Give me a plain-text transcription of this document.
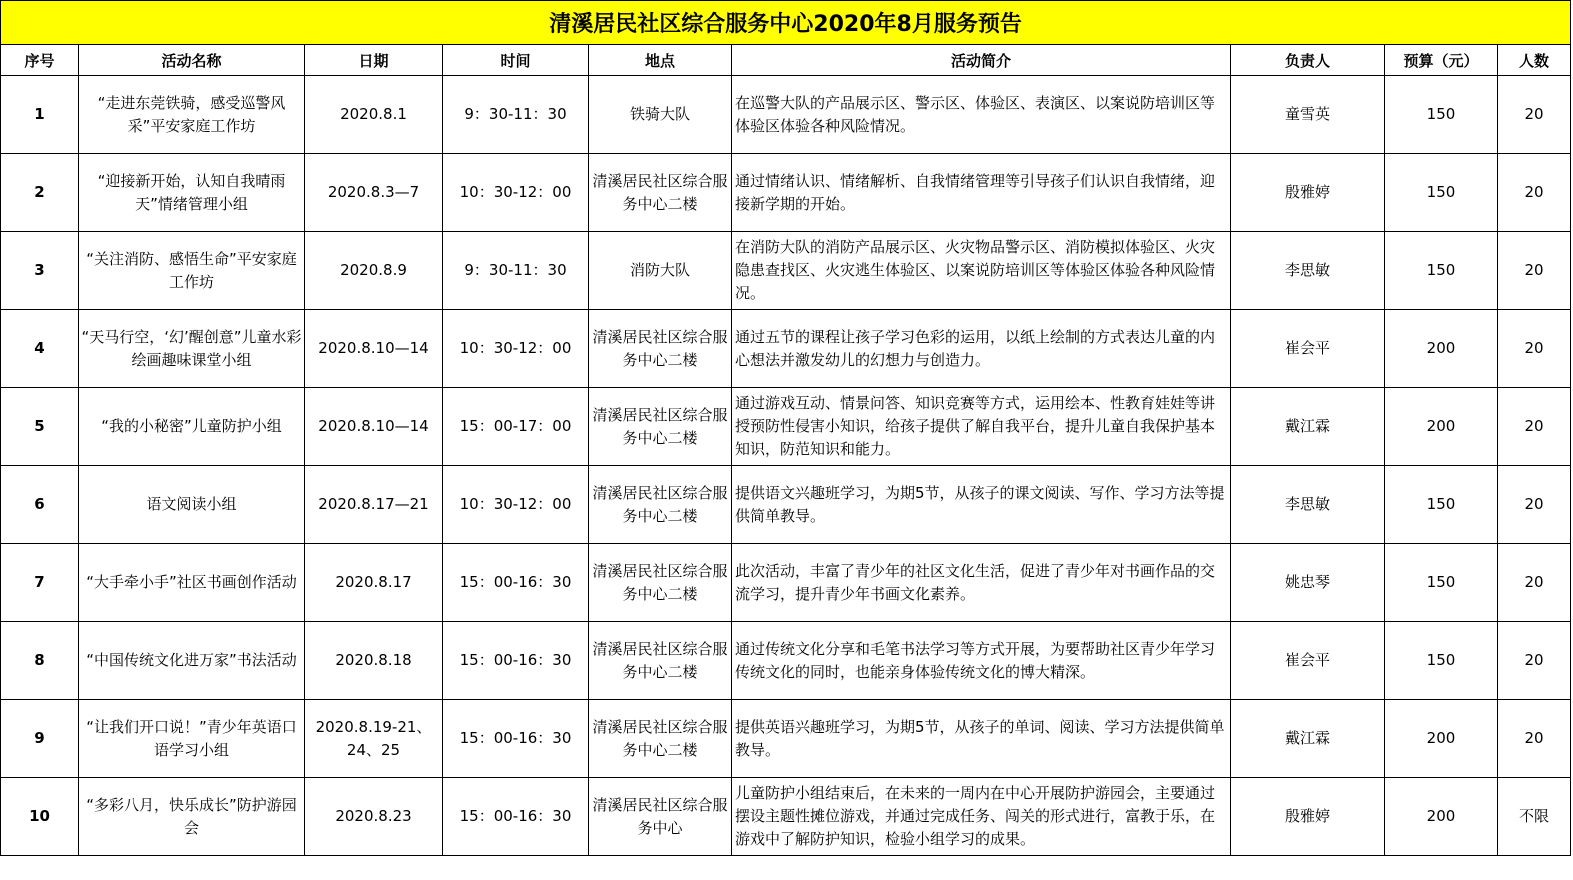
清溪居民社区综合服务中心2020年8月服务预告								
序号	活动名称	日期	时间	地点	活动简介	负责人	预算（元）	人数
1	“走进东莞铁骑，感受巡警风采”平安家庭工作坊	2020.8.1	9：30-11：30	铁骑大队	在巡警大队的产品展示区、警示区、体验区、表演区、以案说防培训区等体验区体验各种风险情况。	童雪英	150	20
2	“迎接新开始，认知自我晴雨天”情绪管理小组	2020.8.3—7	10：30-12：00	清溪居民社区综合服务中心二楼	通过情绪认识、情绪解析、自我情绪管理等引导孩子们认识自我情绪，迎接新学期的开始。	殷雅婷	150	20
3	“关注消防、感悟生命”平安家庭工作坊	2020.8.9	9：30-11：30	消防大队	在消防大队的消防产品展示区、火灾物品警示区、消防模拟体验区、火灾隐患查找区、火灾逃生体验区、以案说防培训区等体验区体验各种风险情况。	李思敏	150	20
4	“天马行空，‘幻’醒创意”儿童水彩绘画趣味课堂小组	2020.8.10—14	10：30-12：00	清溪居民社区综合服务中心二楼	通过五节的课程让孩子学习色彩的运用，以纸上绘制的方式表达儿童的内心想法并激发幼儿的幻想力与创造力。	崔会平	200	20
5	“我的小秘密”儿童防护小组	2020.8.10—14	15：00-17：00	清溪居民社区综合服务中心二楼	通过游戏互动、情景问答、知识竞赛等方式，运用绘本、性教育娃娃等讲授预防性侵害小知识，给孩子提供了解自我平台，提升儿童自我保护基本知识，防范知识和能力。	戴江霖	200	20
6	语文阅读小组	2020.8.17—21	10：30-12：00	清溪居民社区综合服务中心二楼	提供语文兴趣班学习，为期5节，从孩子的课文阅读、写作、学习方法等提供简单教导。	李思敏	150	20
7	“大手牵小手”社区书画创作活动	2020.8.17	15：00-16：30	清溪居民社区综合服务中心二楼	此次活动，丰富了青少年的社区文化生活，促进了青少年对书画作品的交流学习，提升青少年书画文化素养。	姚忠琴	150	20
8	“中国传统文化进万家”书法活动	2020.8.18	15：00-16：30	清溪居民社区综合服务中心二楼	通过传统文化分享和毛笔书法学习等方式开展，为要帮助社区青少年学习传统文化的同时，也能亲身体验传统文化的博大精深。	崔会平	150	20
9	“让我们开口说！”青少年英语口语学习小组	2020.8.19-21、24、25	15：00-16：30	清溪居民社区综合服务中心二楼	提供英语兴趣班学习，为期5节，从孩子的单词、阅读、学习方法提供简单教导。	戴江霖	200	20
10	“多彩八月，快乐成长”防护游园会	2020.8.23	15：00-16：30	清溪居民社区综合服务中心	儿童防护小组结束后，在未来的一周内在中心开展防护游园会，主要通过摆设主题性摊位游戏，并通过完成任务、闯关的形式进行，富教于乐，在游戏中了解防护知识，检验小组学习的成果。	殷雅婷	200	不限
